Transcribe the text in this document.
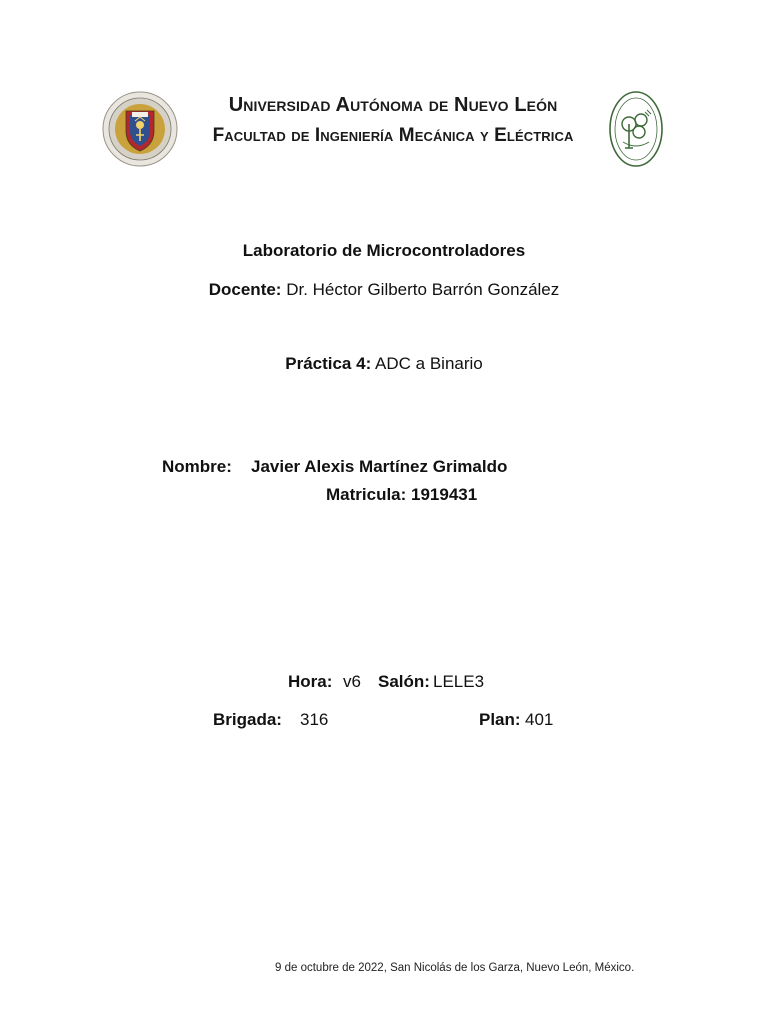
Universidad Autónoma de Nuevo León
Facultad de Ingeniería Mecánica y Eléctrica
Laboratorio de Microcontroladores
Docente: Dr. Héctor Gilberto Barrón González
Práctica 4: ADC a Binario
Nombre: Javier Alexis Martínez Grimaldo
Matricula: 1919431
Hora: v6 Salón: LELE3
Brigada: 316	Plan: 401
9 de octubre de 2022, San Nicolás de los Garza, Nuevo León, México.
